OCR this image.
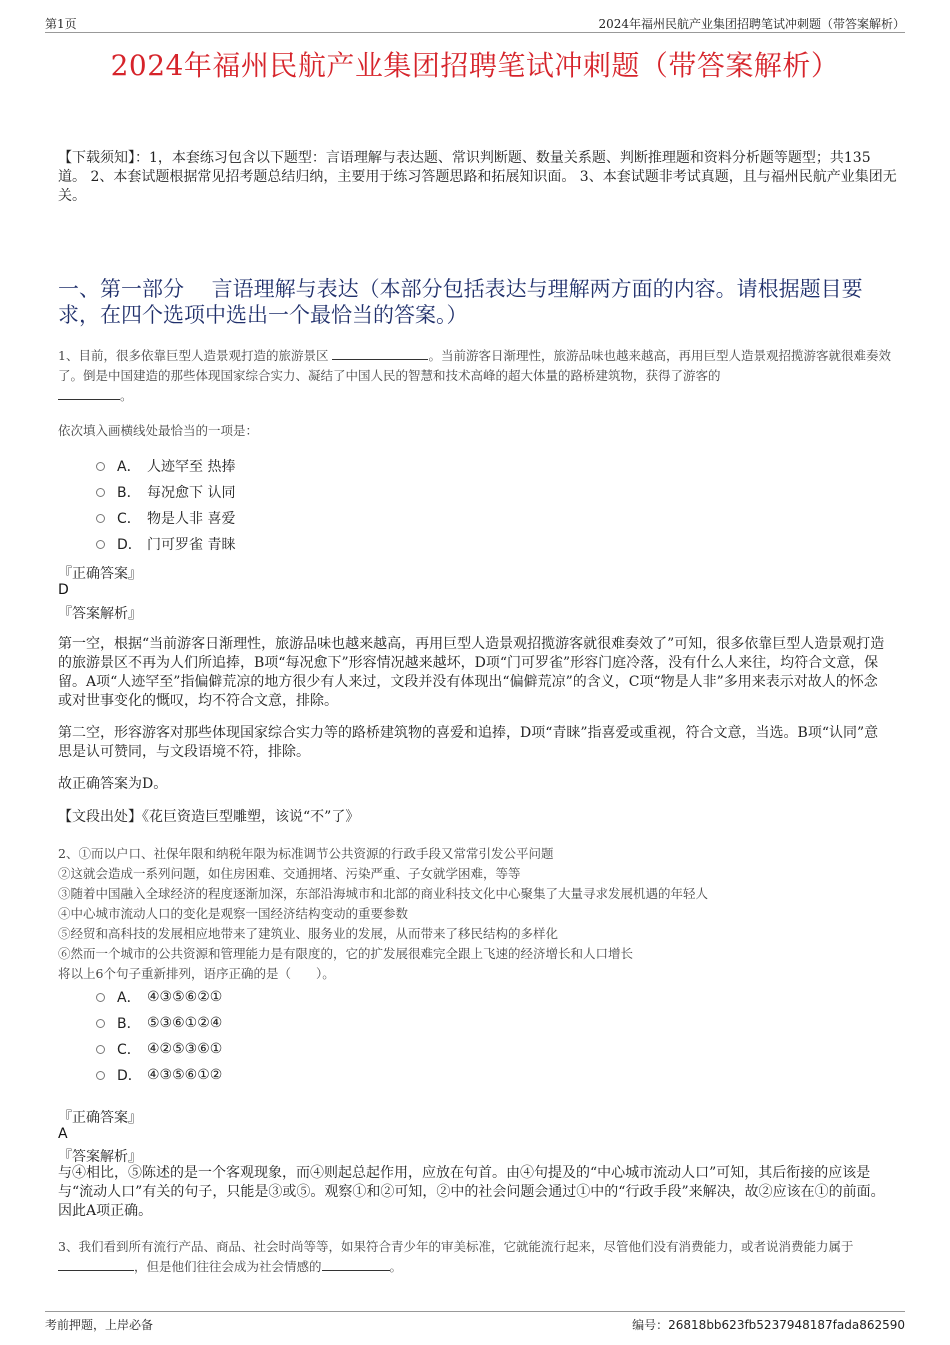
第1页	2024年福州民航产业集团招聘笔试冲刺题（带答案解析）
2024年福州民航产业集团招聘笔试冲刺题（带答案解析）
【下载须知】：1，本套练习包含以下题型：言语理解与表达题、常识判断题、数量关系题、判断推理题和资料分析题等题型；共135道。 2、本套试题根据常见招考题总结归纳，主要用于练习答题思路和拓展知识面。 3、本套试题非考试真题，且与福州民航产业集团无关。
一、第一部分　 言语理解与表达（本部分包括表达与理解两方面的内容。请根据题目要求，在四个选项中选出一个最恰当的答案。）
1、目前，很多依靠巨型人造景观打造的旅游景区	。当前游客日渐理性，旅游品味也越来越高，再用巨型人造景观招揽游客就很难奏效了。倒是中国建造的那些体现国家综合实力、凝结了中国人民的智慧和技术高峰的超大体量的路桥建筑物，获得了游客的
。
依次填入画横线处最恰当的一项是：
A． 人迹罕至 热捧
B． 每况愈下 认同
C． 物是人非 喜爱
D． 门可罗雀 青睐
『正确答案』
D
『答案解析』
第一空，根据“当前游客日渐理性，旅游品味也越来越高，再用巨型人造景观招揽游客就很难奏效了”可知，很多依靠巨型人造景观打造的旅游景区不再为人们所追捧，B项“每况愈下”形容情况越来越坏，D项“门可罗雀”形容门庭冷落，没有什么人来往，均符合文意，保留。A项“人迹罕至”指偏僻荒凉的地方很少有人来过，文段并没有体现出“偏僻荒凉”的含义，C项“物是人非”多用来表示对故人的怀念或对世事变化的慨叹，均不符合文意，排除。
第二空，形容游客对那些体现国家综合实力等的路桥建筑物的喜爱和追捧，D项“青睐”指喜爱或重视，符合文意，当选。B项“认同”意思是认可赞同，与文段语境不符，排除。
故正确答案为D。
【文段出处】《花巨资造巨型雕塑，该说“不”了》
2、①而以户口、社保年限和纳税年限为标准调节公共资源的行政手段又常常引发公平问题
②这就会造成一系列问题，如住房困难、交通拥堵、污染严重、子女就学困难，等等
③随着中国融入全球经济的程度逐渐加深，东部沿海城市和北部的商业科技文化中心聚集了大量寻求发展机遇的年轻人
④中心城市流动人口的变化是观察一国经济结构变动的重要参数
⑤经贸和高科技的发展相应地带来了建筑业、服务业的发展，从而带来了移民结构的多样化
⑥然而一个城市的公共资源和管理能力是有限度的，它的扩发展很难完全跟上飞速的经济增长和人口增长
将以上6个句子重新排列，语序正确的是（　　）。
A． ④③⑤⑥②①
B． ⑤③⑥①②④
C． ④②⑤③⑥①
D． ④③⑤⑥①②
『正确答案』
A
『答案解析』
与④相比，⑤陈述的是一个客观现象，而④则起总起作用，应放在句首。由④句提及的“中心城市流动人口”可知，其后衔接的应该是与“流动人口”有关的句子，只能是③或⑤。观察①和②可知，②中的社会问题会通过①中的“行政手段”来解决，故②应该在①的前面。因此A项正确。
3、我们看到所有流行产品、商品、社会时尚等等，如果符合青少年的审美标准，它就能流行起来，尽管他们没有消费能力，或者说消费能力属于
，但是他们往往会成为社会情感的	。
考前押题，上岸必备	编号：26818bb623fb5237948187fada862590
